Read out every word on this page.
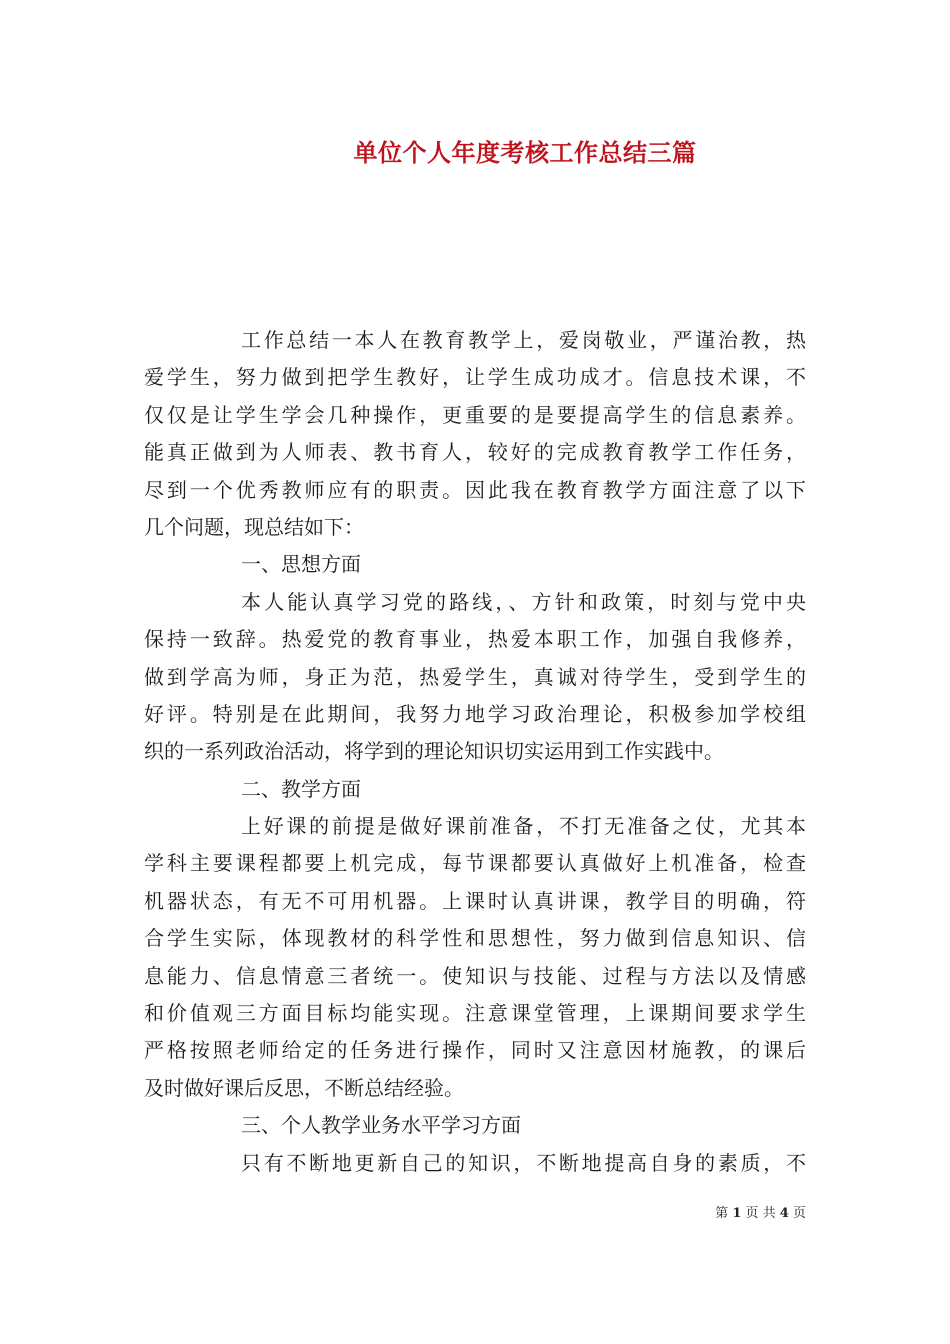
单位个人年度考核工作总结三篇
工作总结一本人在教育教学上，爱岗敬业，严谨治教，热
爱学生，努力做到把学生教好，让学生成功成才。信息技术课，不
仅仅是让学生学会几种操作，更重要的是要提高学生的信息素养。
能真正做到为人师表、教书育人，较好的完成教育教学工作任务，
尽到一个优秀教师应有的职责。因此我在教育教学方面注意了以下
几个问题，现总结如下：
一、思想方面
本人能认真学习党的路线，、方针和政策，时刻与党中央
保持一致辞。热爱党的教育事业，热爱本职工作，加强自我修养，
做到学高为师，身正为范，热爱学生，真诚对待学生，受到学生的
好评。特别是在此期间，我努力地学习政治理论，积极参加学校组
织的一系列政治活动，将学到的理论知识切实运用到工作实践中。
二、教学方面
上好课的前提是做好课前准备，不打无准备之仗，尤其本
学科主要课程都要上机完成，每节课都要认真做好上机准备，检查
机器状态，有无不可用机器。上课时认真讲课，教学目的明确，符
合学生实际，体现教材的科学性和思想性，努力做到信息知识、信
息能力、信息情意三者统一。使知识与技能、过程与方法以及情感
和价值观三方面目标均能实现。注意课堂管理，上课期间要求学生
严格按照老师给定的任务进行操作，同时又注意因材施教，的课后
及时做好课后反思，不断总结经验。
三、个人教学业务水平学习方面
只有不断地更新自己的知识，不断地提高自身的素质，不
第 1 页 共 4 页
